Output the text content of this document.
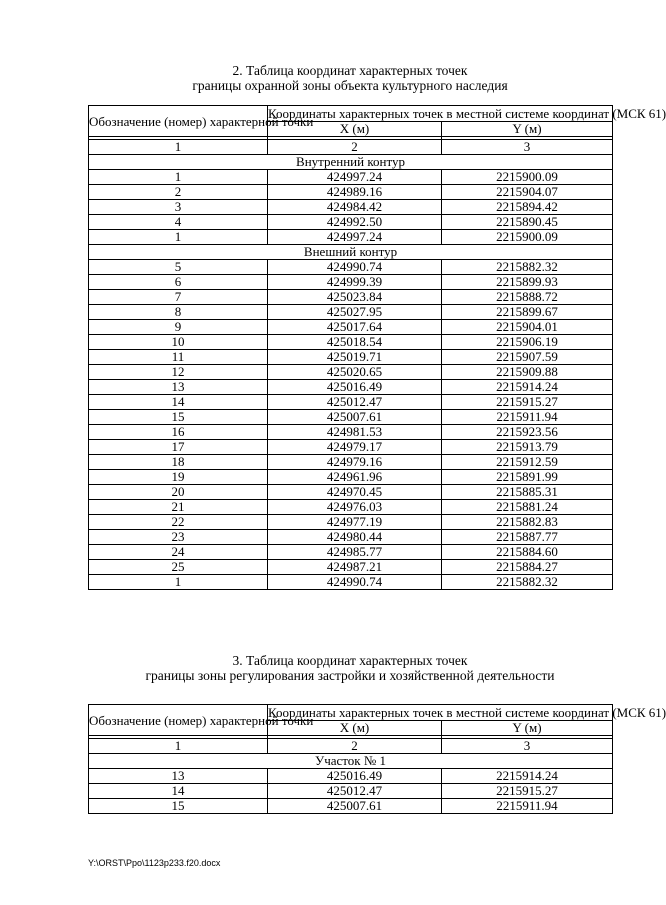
2. Таблица координат характерных точек
границы охранной зоны объекта культурного наследия
Обозначение (номер) характерной точки	Координаты характерных точек в местной системе координат (МСК 61)	
	X (м)	Y (м)

1	2	3
Внутренний контур		
1	424997.24	2215900.09
2	424989.16	2215904.07
3	424984.42	2215894.42
4	424992.50	2215890.45
1	424997.24	2215900.09
Внешний контур		
5	424990.74	2215882.32
6	424999.39	2215899.93
7	425023.84	2215888.72
8	425027.95	2215899.67
9	425017.64	2215904.01
10	425018.54	2215906.19
11	425019.71	2215907.59
12	425020.65	2215909.88
13	425016.49	2215914.24
14	425012.47	2215915.27
15	425007.61	2215911.94
16	424981.53	2215923.56
17	424979.17	2215913.79
18	424979.16	2215912.59
19	424961.96	2215891.99
20	424970.45	2215885.31
21	424976.03	2215881.24
22	424977.19	2215882.83
23	424980.44	2215887.77
24	424985.77	2215884.60
25	424987.21	2215884.27
1	424990.74	2215882.32
3. Таблица координат характерных точек
границы зоны регулирования застройки и хозяйственной деятельности
Обозначение (номер) характерной точки	Координаты характерных точек в местной системе координат (МСК 61)	
	X (м)	Y (м)

1	2	3
Участок № 1		
13	425016.49	2215914.24
14	425012.47	2215915.27
15	425007.61	2215911.94
Y:\ORST\Ppo\1123p233.f20.docx
